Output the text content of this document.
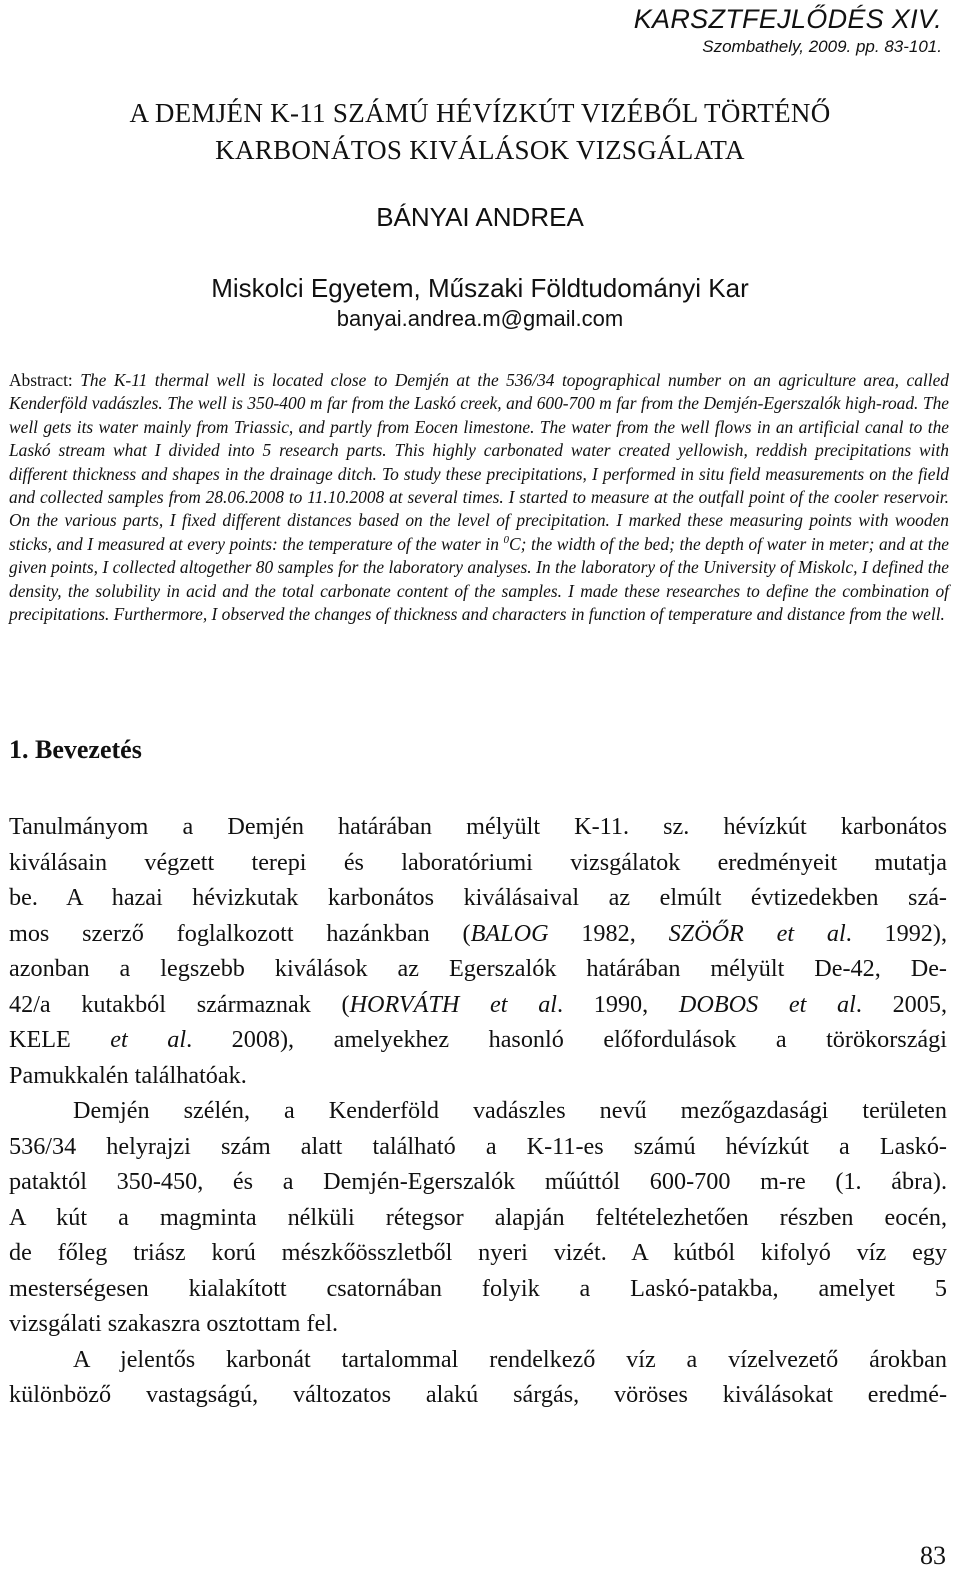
KARSZTFEJLŐDÉS XIV.
Szombathely, 2009. pp. 83-101.
A DEMJÉN K-11 SZÁMÚ HÉVÍZKÚT VIZÉBŐL TÖRTÉNŐ
KARBONÁTOS KIVÁLÁSOK VIZSGÁLATA
BÁNYAI ANDREA
Miskolci Egyetem, Műszaki Földtudományi Kar
banyai.andrea.m@gmail.com
Abstract: The K-11 thermal well is located close to Demjén at the 536/34 topographical number on an agriculture area, called Kenderföld vadászles. The well is 350-400 m far from the Laskó creek, and 600-700 m far from the Demjén-Egerszalók high-road. The well gets its water mainly from Triassic, and partly from Eocen limestone. The water from the well flows in an artificial canal to the Laskó stream what I divided into 5 research parts. This highly carbonated water created yellowish, reddish precipitations with different thickness and shapes in the drainage ditch. To study these precipitations, I performed in situ field measurements on the field and collected samples from 28.06.2008 to 11.10.2008 at several times. I started to measure at the outfall point of the cooler reservoir. On the various parts, I fixed different distances based on the level of precipitation. I marked these measuring points with wooden sticks, and I measured at every points: the temperature of the water in $^0$C; the width of the bed; the depth of water in meter; and at the given points, I collected altogether 80 samples for the laboratory analyses. In the laboratory of the University of Miskolc, I defined the density, the solubility in acid and the total carbonate content of the samples. I made these researches to define the combination of precipitations. Furthermore, I observed the changes of thickness and characters in function of temperature and distance from the well.
1. Bevezetés

Tanulmányom a Demjén határában mélyült K-11. sz. hévízkút karbonátos
kiválásain végzett terepi és laboratóriumi vizsgálatok eredményeit mutatja
be. A hazai hévizkutak karbonátos kiválásaival az elmúlt évtizedekben szá-
mos szerző foglalkozott hazánkban (BALOG 1982, SZÖŐR et al. 1992),
azonban a legszebb kiválások az Egerszalók határában mélyült De-42, De-
42/a kutakból származnak (HORVÁTH et al. 1990, DOBOS et al. 2005,
KELE et al. 2008), amelyekhez hasonló előfordulások a törökországi
Pamukkalén találhatóak.

Demjén szélén, a Kenderföld vadászles nevű mezőgazdasági területen
536/34 helyrajzi szám alatt található a K-11-es számú hévízkút a Laskó-
pataktól 350-450, és a Demjén-Egerszalók műúttól 600-700 m-re (1. ábra).
A kút a magminta nélküli rétegsor alapján feltételezhetően részben eocén,
de főleg triász korú mészkőösszletből nyeri vizét. A kútból kifolyó víz egy
mesterségesen kialakított csatornában folyik a Laskó-patakba, amelyet 5
vizsgálati szakaszra osztottam fel.

A jelentős karbonát tartalommal rendelkező víz a vízelvezető árokban
különböző vastagságú, változatos alakú sárgás, vöröses kiválásokat eredmé-

83
